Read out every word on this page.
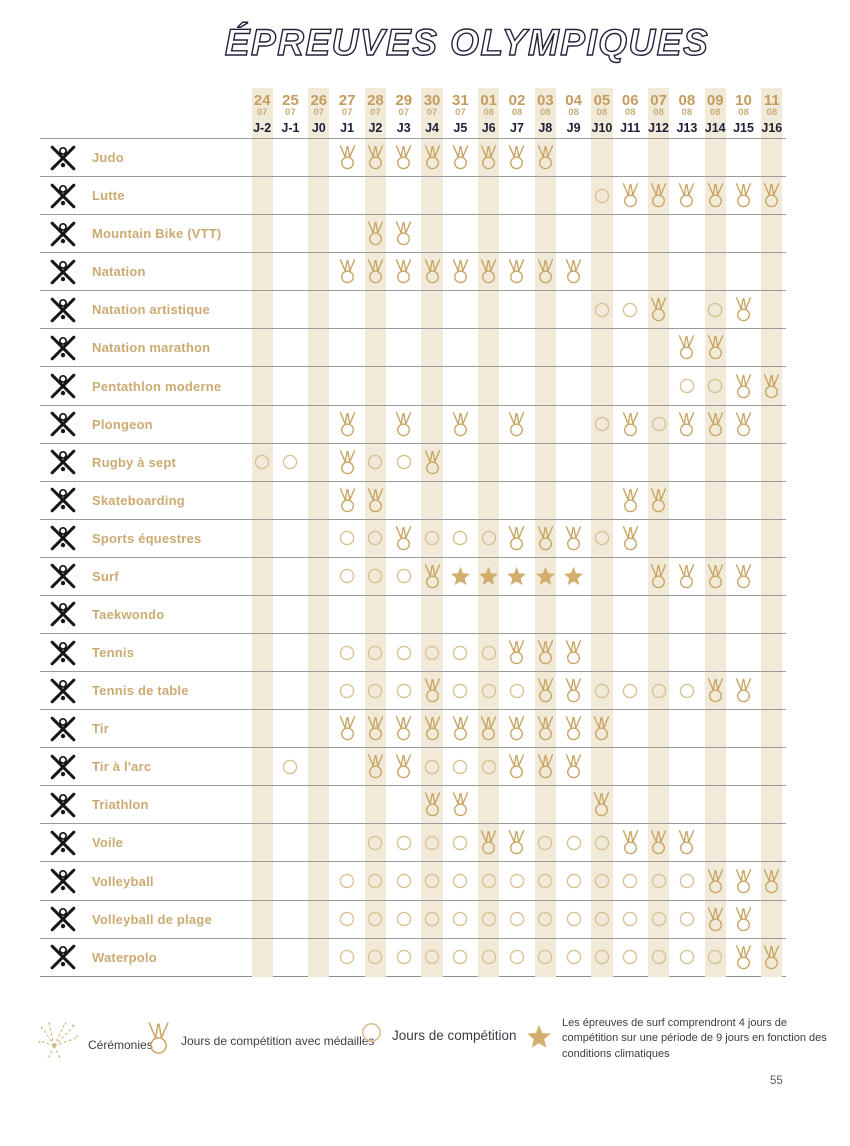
ÉPREUVES OLYMPIQUES
24
07
J-2
25
07
J-1
26
07
J0
27
07
J1
28
07
J2
29
07
J3
30
07
J4
31
07
J5
01
08
J6
02
08
J7
03
08
J8
04
08
J9
05
08
J10
06
08
J11
07
08
J12
08
08
J13
09
08
J14
10
08
J15
11
08
J16
Judo
Lutte
Mountain Bike (VTT)
Natation
Natation artistique
Natation marathon
Pentathlon moderne
Plongeon
Rugby à sept
Skateboarding
Sports équestres
Surf
Taekwondo
Tennis
Tennis de table
Tir
Tir à l'arc
Triathlon
Voile
Volleyball
Volleyball de plage
Waterpolo
Cérémonies Jours de compétition avec médailles Jours de compétition
Les épreuves de surf comprendront 4 jours de compétition sur une période de 9 jours en fonction des conditions climatiques
55
